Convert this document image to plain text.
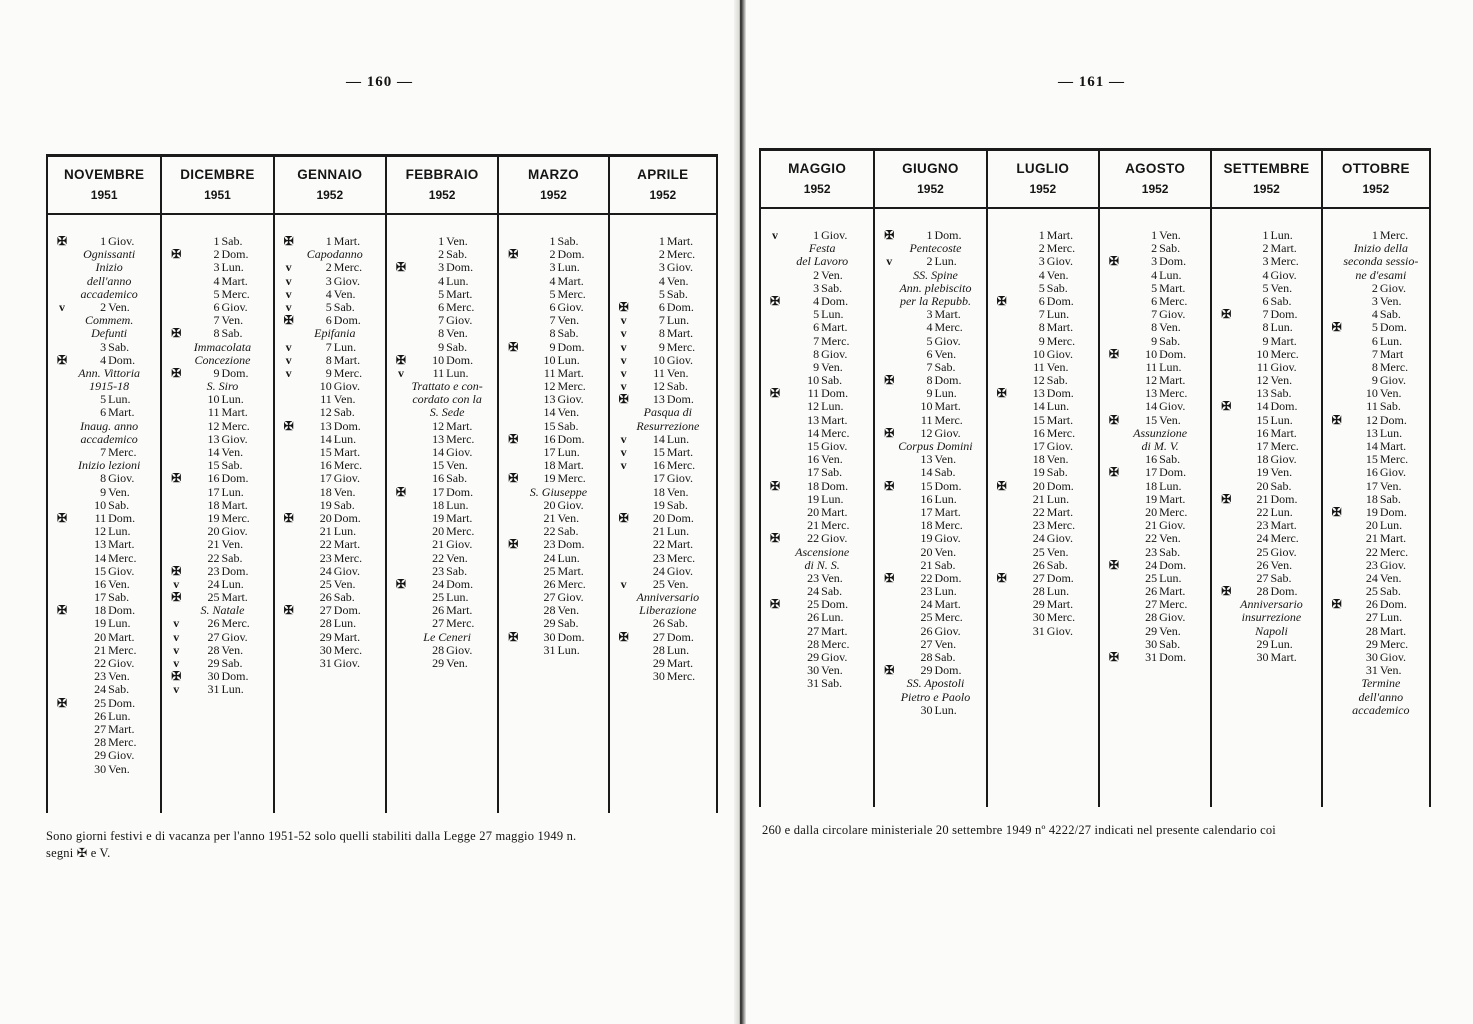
— 160 —	— 161 —
NOVEMBRE
1951
✠	1 Giov.
Ognissanti
Inizio
dell'anno
accademico
v	2 Ven.
Commem.
Defunti
3 Sab.
✠	4 Dom.
Ann. Vittoria
1915-18
5 Lun.
6 Mart.
Inaug. anno
accademico
7 Merc.
Inizio lezioni
8 Giov.
9 Ven.
10 Sab.
✠ 11 Dom.
12 Lun.
13 Mart.
14 Merc.
15 Giov.
16 Ven.
17 Sab.
✠ 18 Dom.
19 Lun.
20 Mart.
21 Merc.
22 Giov.
23 Ven.
24 Sab.
✠ 25 Dom.
26 Lun.
27 Mart.
28 Merc.
29 Giov.
30 Ven.
DICEMBRE
1951
1 Sab.
✠	2 Dom.
3 Lun.
4 Mart.
5 Merc.
6 Giov.
7 Ven.
✠	8 Sab.
Immacolata
Concezione
✠	9 Dom.
S. Siro
10 Lun.
11 Mart.
12 Merc.
13 Giov.
14 Ven.
15 Sab.
✠ 16 Dom.
17 Lun.
18 Mart.
19 Merc.
20 Giov.
21 Ven.
22 Sab.
✠ 23 Dom.
v	24 Lun.
✠ 25 Mart.
S. Natale
v	26 Merc.
v	27 Giov.
v	28 Ven.
v	29 Sab.
✠ 30 Dom.
v	31 Lun.
GENNAIO
1952
✠	1 Mart.
Capodanno
v	2 Merc.
v	3 Giov.
v	4 Ven.
v	5 Sab.
✠	6 Dom.
Epifania
v	7 Lun.
v	8 Mart.
v	9 Merc.
10 Giov.
11 Ven.
12 Sab.
✠ 13 Dom.
14 Lun.
15 Mart.
16 Merc.
17 Giov.
18 Ven.
19 Sab.
✠ 20 Dom.
21 Lun.
22 Mart.
23 Merc.
24 Giov.
25 Ven.
26 Sab.
✠ 27 Dom.
28 Lun.
29 Mart.
30 Merc.
31 Giov.
FEBBRAIO
1952
1 Ven.
2 Sab.
✠	3 Dom.
4 Lun.
5 Mart.
6 Merc.
7 Giov.
8 Ven.
9 Sab.
✠ 10 Dom.
v	11 Lun.
Trattato e con-
cordato con la
S. Sede
12 Mart.
13 Merc.
14 Giov.
15 Ven.
16 Sab.
✠ 17 Dom.
18 Lun.
19 Mart.
20 Merc.
21 Giov.
22 Ven.
23 Sab.
✠ 24 Dom.
25 Lun.
26 Mart.
27 Merc.
Le Ceneri
28 Giov.
29 Ven.
MARZO
1952
1 Sab.
✠	2 Dom.
3 Lun.
4 Mart.
5 Merc.
6 Giov.
7 Ven.
8 Sab.
✠	9 Dom.
10 Lun.
11 Mart.
12 Merc.
13 Giov.
14 Ven.
15 Sab.
✠ 16 Dom.
17 Lun.
18 Mart.
✠ 19 Merc.
S. Giuseppe
20 Giov.
21 Ven.
22 Sab.
✠ 23 Dom.
24 Lun.
25 Mart.
26 Merc.
27 Giov.
28 Ven.
29 Sab.
✠ 30 Dom.
31 Lun.
APRILE
1952
1 Mart.
2 Merc.
3 Giov.
4 Ven.
5 Sab.
✠	6 Dom.
v	7 Lun.
v	8 Mart.
v	9 Merc.
v	10 Giov.
v	11 Ven.
v	12 Sab.
✠ 13 Dom.
Pasqua di
Resurrezione
v	14 Lun.
v	15 Mart.
v	16 Merc.
17 Giov.
18 Ven.
19 Sab.
✠ 20 Dom.
21 Lun.
22 Mart.
23 Merc.
24 Giov.
v	25 Ven.
Anniversario
Liberazione
26 Sab.
✠ 27 Dom.
28 Lun.
29 Mart.
30 Merc.
MAGGIO
1952
v	1 Giov.
Festa
del Lavoro
2 Ven.
3 Sab.
✠	4 Dom.
5 Lun.
6 Mart.
7 Merc.
8 Giov.
9 Ven.
10 Sab.
✠ 11 Dom.
12 Lun.
13 Mart.
14 Merc.
15 Giov.
16 Ven.
17 Sab.
✠ 18 Dom.
19 Lun.
20 Mart.
21 Merc.
✠ 22 Giov.
Ascensione
di N. S.
23 Ven.
24 Sab.
✠ 25 Dom.
26 Lun.
27 Mart.
28 Merc.
29 Giov.
30 Ven.
31 Sab.
GIUGNO
1952
✠	1 Dom.
Pentecoste
v	2 Lun.
SS. Spine
Ann. plebiscito
per la Repubb.
3 Mart.
4 Merc.
5 Giov.
6 Ven.
7 Sab.
✠	8 Dom.
9 Lun.
10 Mart.
11 Merc.
✠ 12 Giov.
Corpus Domini
13 Ven.
14 Sab.
✠ 15 Dom.
16 Lun.
17 Mart.
18 Merc.
19 Giov.
20 Ven.
21 Sab.
✠ 22 Dom.
23 Lun.
24 Mart.
25 Merc.
26 Giov.
27 Ven.
28 Sab.
✠ 29 Dom.
SS. Apostoli
Pietro e Paolo
30 Lun.
LUGLIO
1952
1 Mart.
2 Merc.
3 Giov.
4 Ven.
5 Sab.
✠	6 Dom.
7 Lun.
8 Mart.
9 Merc.
10 Giov.
11 Ven.
12 Sab.
✠ 13 Dom.
14 Lun.
15 Mart.
16 Merc.
17 Giov.
18 Ven.
19 Sab.
✠ 20 Dom.
21 Lun.
22 Mart.
23 Merc.
24 Giov.
25 Ven.
26 Sab.
✠ 27 Dom.
28 Lun.
29 Mart.
30 Merc.
31 Giov.
AGOSTO
1952
1 Ven.
2 Sab.
✠	3 Dom.
4 Lun.
5 Mart.
6 Merc.
7 Giov.
8 Ven.
9 Sab.
✠ 10 Dom.
11 Lun.
12 Mart.
13 Merc.
14 Giov.
✠ 15 Ven.
Assunzione
di M. V.
16 Sab.
✠ 17 Dom.
18 Lun.
19 Mart.
20 Merc.
21 Giov.
22 Ven.
23 Sab.
✠ 24 Dom.
25 Lun.
26 Mart.
27 Merc.
28 Giov.
29 Ven.
30 Sab.
✠ 31 Dom.
SETTEMBRE
1952
1 Lun.
2 Mart.
3 Merc.
4 Giov.
5 Ven.
6 Sab.
✠	7 Dom.
8 Lun.
9 Mart.
10 Merc.
11 Giov.
12 Ven.
13 Sab.
✠ 14 Dom.
15 Lun.
16 Mart.
17 Merc.
18 Giov.
19 Ven.
20 Sab.
✠ 21 Dom.
22 Lun.
23 Mart.
24 Merc.
25 Giov.
26 Ven.
27 Sab.
✠ 28 Dom.
Anniversario
insurrezione
Napoli
29 Lun.
30 Mart.
OTTOBRE
1952
1 Merc.
Inizio della
seconda sessio-
ne d'esami
2 Giov.
3 Ven.
4 Sab.
✠	5 Dom.
6 Lun.
7 Mart
8 Merc.
9 Giov.
10 Ven.
11 Sab.
✠ 12 Dom.
13 Lun.
14 Mart.
15 Merc.
16 Giov.
17 Ven.
18 Sab.
✠ 19 Dom.
20 Lun.
21 Mart.
22 Merc.
23 Giov.
24 Ven.
25 Sab.
✠ 26 Dom.
27 Lun.
28 Mart.
29 Merc.
30 Giov.
31 Ven.
Termine
dell'anno
accademico
Sono giorni festivi e di vacanza per l'anno 1951-52 solo quelli stabiliti dalla Legge 27 maggio 1949 n.
segni ✠ e V.
260 e dalla circolare ministeriale 20 settembre 1949 nº 4222/27 indicati nel presente calendario coi
